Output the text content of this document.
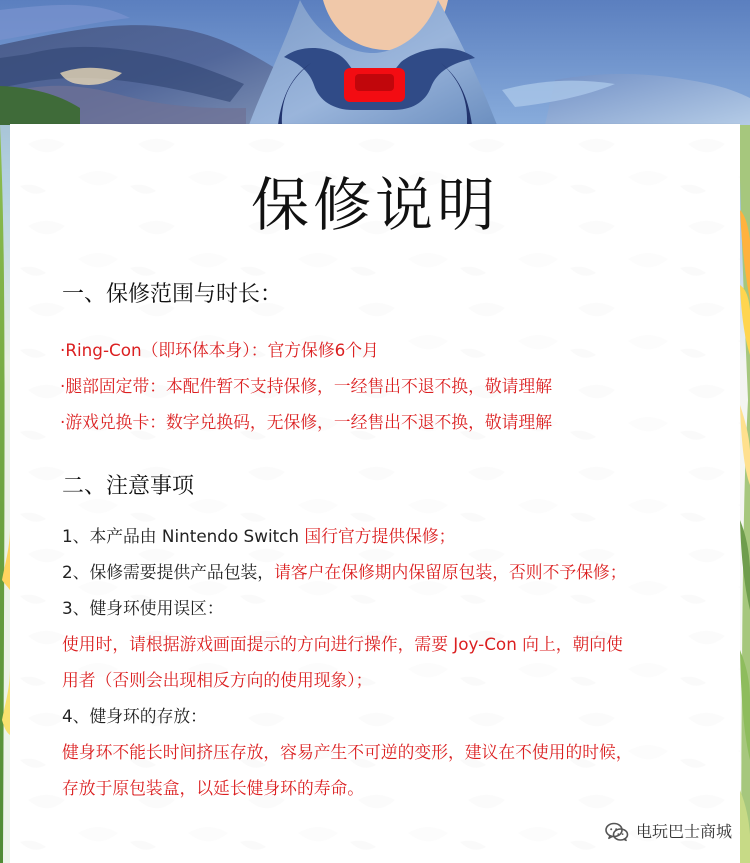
保修说明
一、保修范围与时长：
·Ring-Con（即环体本身）：官方保修6个月
·腿部固定带：本配件暂不支持保修，一经售出不退不换，敬请理解
·游戏兑换卡：数字兑换码，无保修，一经售出不退不换，敬请理解
二、注意事项
1、本产品由 Nintendo Switch 国行官方提供保修；
2、保修需要提供产品包装，请客户在保修期内保留原包装，否则不予保修；
3、健身环使用误区：
使用时，请根据游戏画面提示的方向进行操作，需要 Joy-Con 向上，朝向使
用者（否则会出现相反方向的使用现象）；
4、健身环的存放：
健身环不能长时间挤压存放，容易产生不可逆的变形，建议在不使用的时候，
存放于原包装盒，以延长健身环的寿命。
电玩巴士商城
